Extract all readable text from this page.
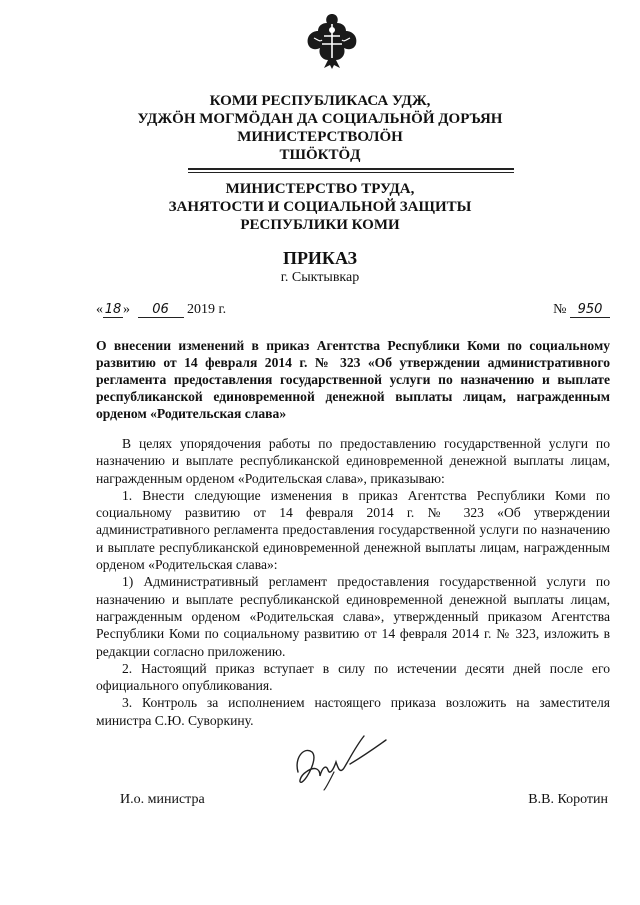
КОМИ РЕСПУБЛИКАСА УДЖ,
УДЖӦН МОГМӦДАН ДА СОЦИАЛЬНӦЙ ДОРЪЯН
МИНИСТЕРСТВОЛӦН
ТШӦКТӦД
МИНИСТЕРСТВО ТРУДА,
ЗАНЯТОСТИ И СОЦИАЛЬНОЙ ЗАЩИТЫ
РЕСПУБЛИКИ КОМИ
ПРИКАЗ
г. Сыктывкар
« 18 » 06 2019 г.	№ 950
О внесении изменений в приказ Агентства Республики Коми по социальному развитию от 14 февраля 2014 г. № 323 «Об утверждении административного регламента предоставления государственной услуги по назначению и выплате республиканской единовременной денежной выплаты лицам, награжденным орденом «Родительская слава»

В целях упорядочения работы по предоставлению государственной услуги по назначению и выплате республиканской единовременной денежной выплаты лицам, награжденным орденом «Родительская слава», приказываю:

1. Внести следующие изменения в приказ Агентства Республики Коми по социальному развитию от 14 февраля 2014 г. № 323 «Об утверждении административного регламента предоставления государственной услуги по назначению и выплате республиканской единовременной денежной выплаты лицам, награжденным орденом «Родительская слава»:

1) Административный регламент предоставления государственной услуги по назначению и выплате республиканской единовременной денежной выплаты лицам, награжденным орденом «Родительская слава», утвержденный приказом Агентства Республики Коми по социальному развитию от 14 февраля 2014 г. № 323, изложить в редакции согласно приложению.

2. Настоящий приказ вступает в силу по истечении десяти дней после его официального опубликования.

3. Контроль за исполнением настоящего приказа возложить на заместителя министра С.Ю. Суворкину.

И.о. министра	В.В. Коротин
